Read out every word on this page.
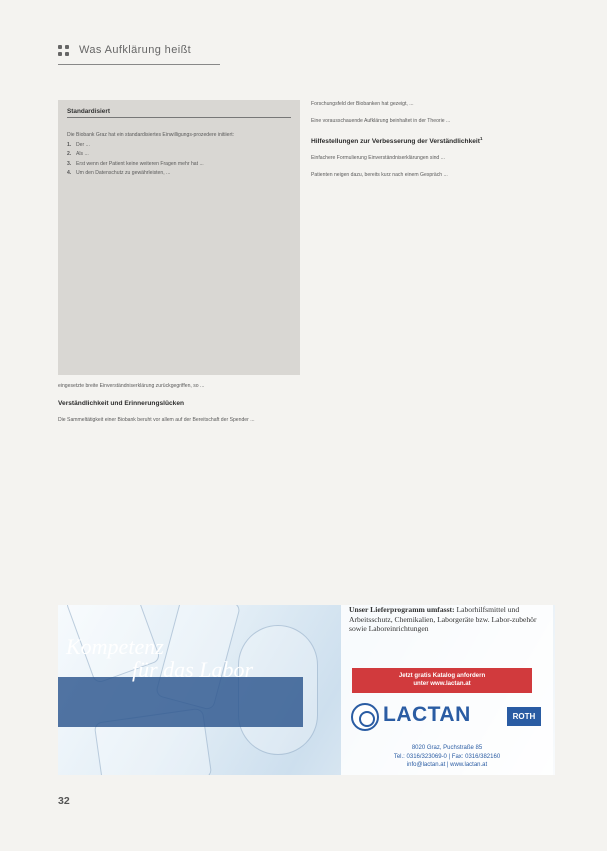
Was Aufklärung heißt
Standardisiert
Die Biobank Graz hat ein standardisiertes Einwilligungs-prozedere initiiert:
1. Der ...
2. Als ...
3. Erst wenn der Patient keine weiteren Fragen mehr hat ...
4. Um den Datenschutz zu gewährleisten, ...

eingesetzte breite Einverständniserklärung zurückgegriffen, so ...

Verständlichkeit und Erinnerungslücken

Die Sammeltätigkeit einer Biobank beruht vor allem auf der Bereitschaft der Spender ...

Forschungsfeld der Biobanken hat gezeigt, ...

Eine vorausschauende Aufklärung beinhaltet in der Theorie ...

Hilfestellungen zur Verbesserung der Verständlichkeit$^1$

Einfachere Formulierung Einverständniserklärungen sind ...

Patienten neigen dazu, bereits kurz nach einem Gespräch ...

Kompetenz
für das Labor
Unser Lieferprogramm umfasst: Laborhilfsmittel und Arbeitsschutz, Chemikalien, Laborgeräte bzw. Labor-zubehör sowie Laboreinrichtungen
Jetzt gratis Katalog anfordern
unter www.lactan.at
LACTAN	ROTH
8020 Graz, Puchstraße 85
Tel.: 0316/323069-0 | Fax: 0316/382160
info@lactan.at | www.lactan.at
32
